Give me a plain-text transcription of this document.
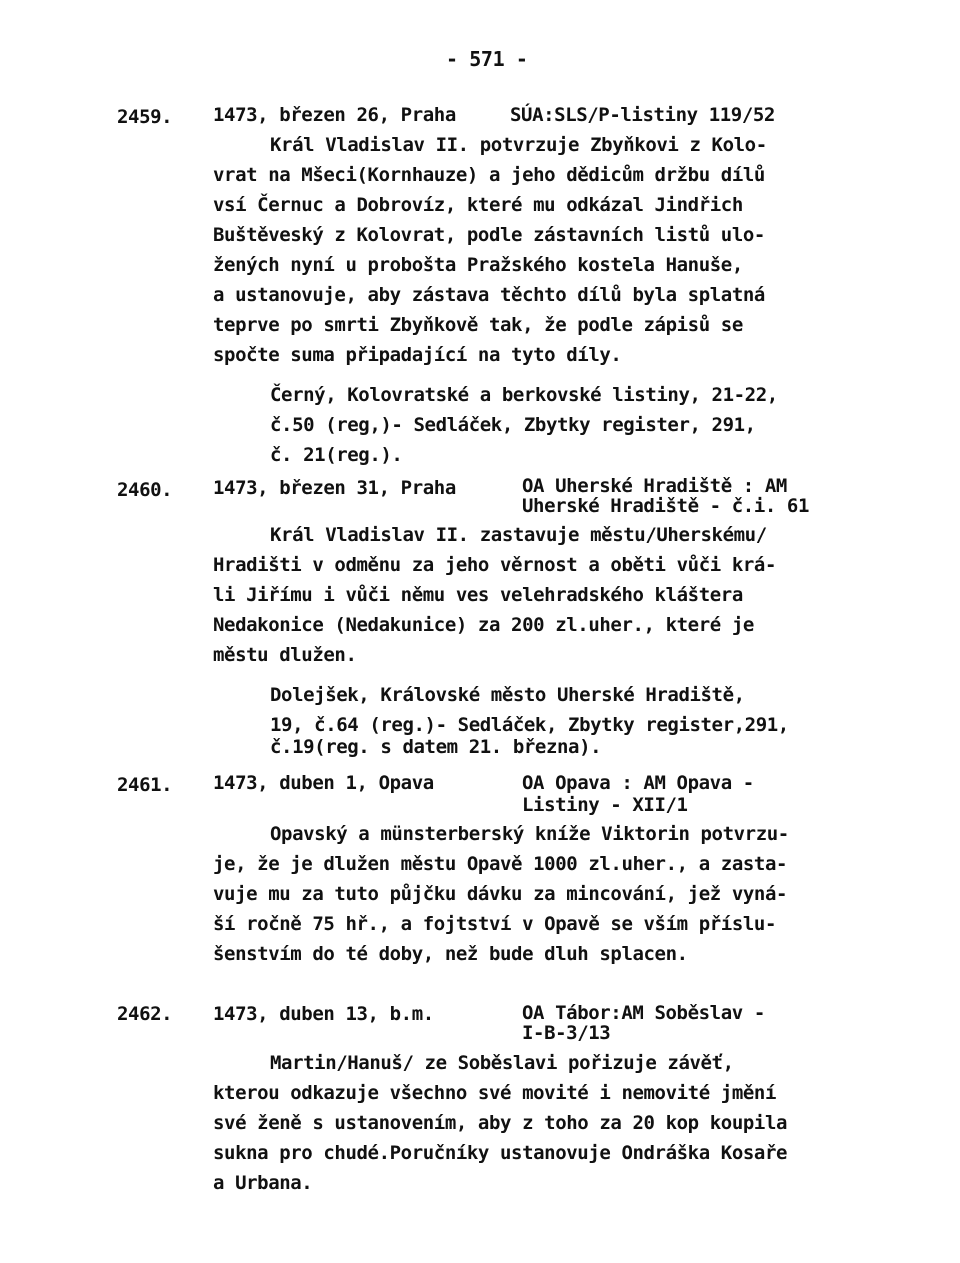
- 571 -
2459. 1473, březen 26, Praha	SÚA:SLS/P-listiny 119/52
Král Vladislav II. potvrzuje Zbyňkovi z Kolo-
vrat na Mšeci(Kornhauze) a jeho dědicům držbu dílů
vsí Černuc a Dobrovíz, které mu odkázal Jindřich
Buštěveský z Kolovrat, podle zástavních listů ulo-
žených nyní u proboštа Pražského kostela Hanuše,
a ustanovuje, aby zástava těchto dílů byla splatná
teprve po smrti Zbyňkově tak, že podle zápisů se
spočte suma připadající na tyto díly.
Černý, Kolovratské a berkovské listiny, 21-22,
č.50 (reg,)- Sedláček, Zbytky register, 291,
č. 21(reg.).
2460. 1473, březen 31, Praha	OA Uherské Hradiště : AM
Uherské Hradiště - č.i. 61
Král Vladislav II. zastavuje městu/Uherskému/
Hradišti v odměnu za jeho věrnost a oběti vůči krá-
li Jiřímu i vůči němu ves velehradského kláštera
Nedakonice (Nedakunice) za 200 zl.uher., které je
městu dlužen.
Dolejšek, Královské město Uherské Hradiště,
19, č.64 (reg.)- Sedláček, Zbytky register,291,
č.19(reg. s datem 21. března).
2461. 1473, duben 1, Opava	OA Opava : AM Opava -
Listiny - XII/1
Opavský a münsterberský kníže Viktorin potvrzu-
je, že je dlužen městu Opavě 1000 zl.uher., a zasta-
vuje mu za tuto půjčku dávku za mincování, jež vyná-
ší ročně 75 hř., a fojtství v Opavě se vším příslu-
šenstvím do té doby, než bude dluh splacen.
2462. 1473, duben 13, b.m.	OA Tábor:AM Soběslav -
I-B-3/13
Martin/Hanuš/ ze Soběslavi pořizuje závěť,
kterou odkazuje všechno své movité i nemovité jmění
své ženě s ustanovením, aby z toho za 20 kop koupila
sukna pro chudé.Poručníky ustanovuje Ondráška Kosaře
a Urbana.
